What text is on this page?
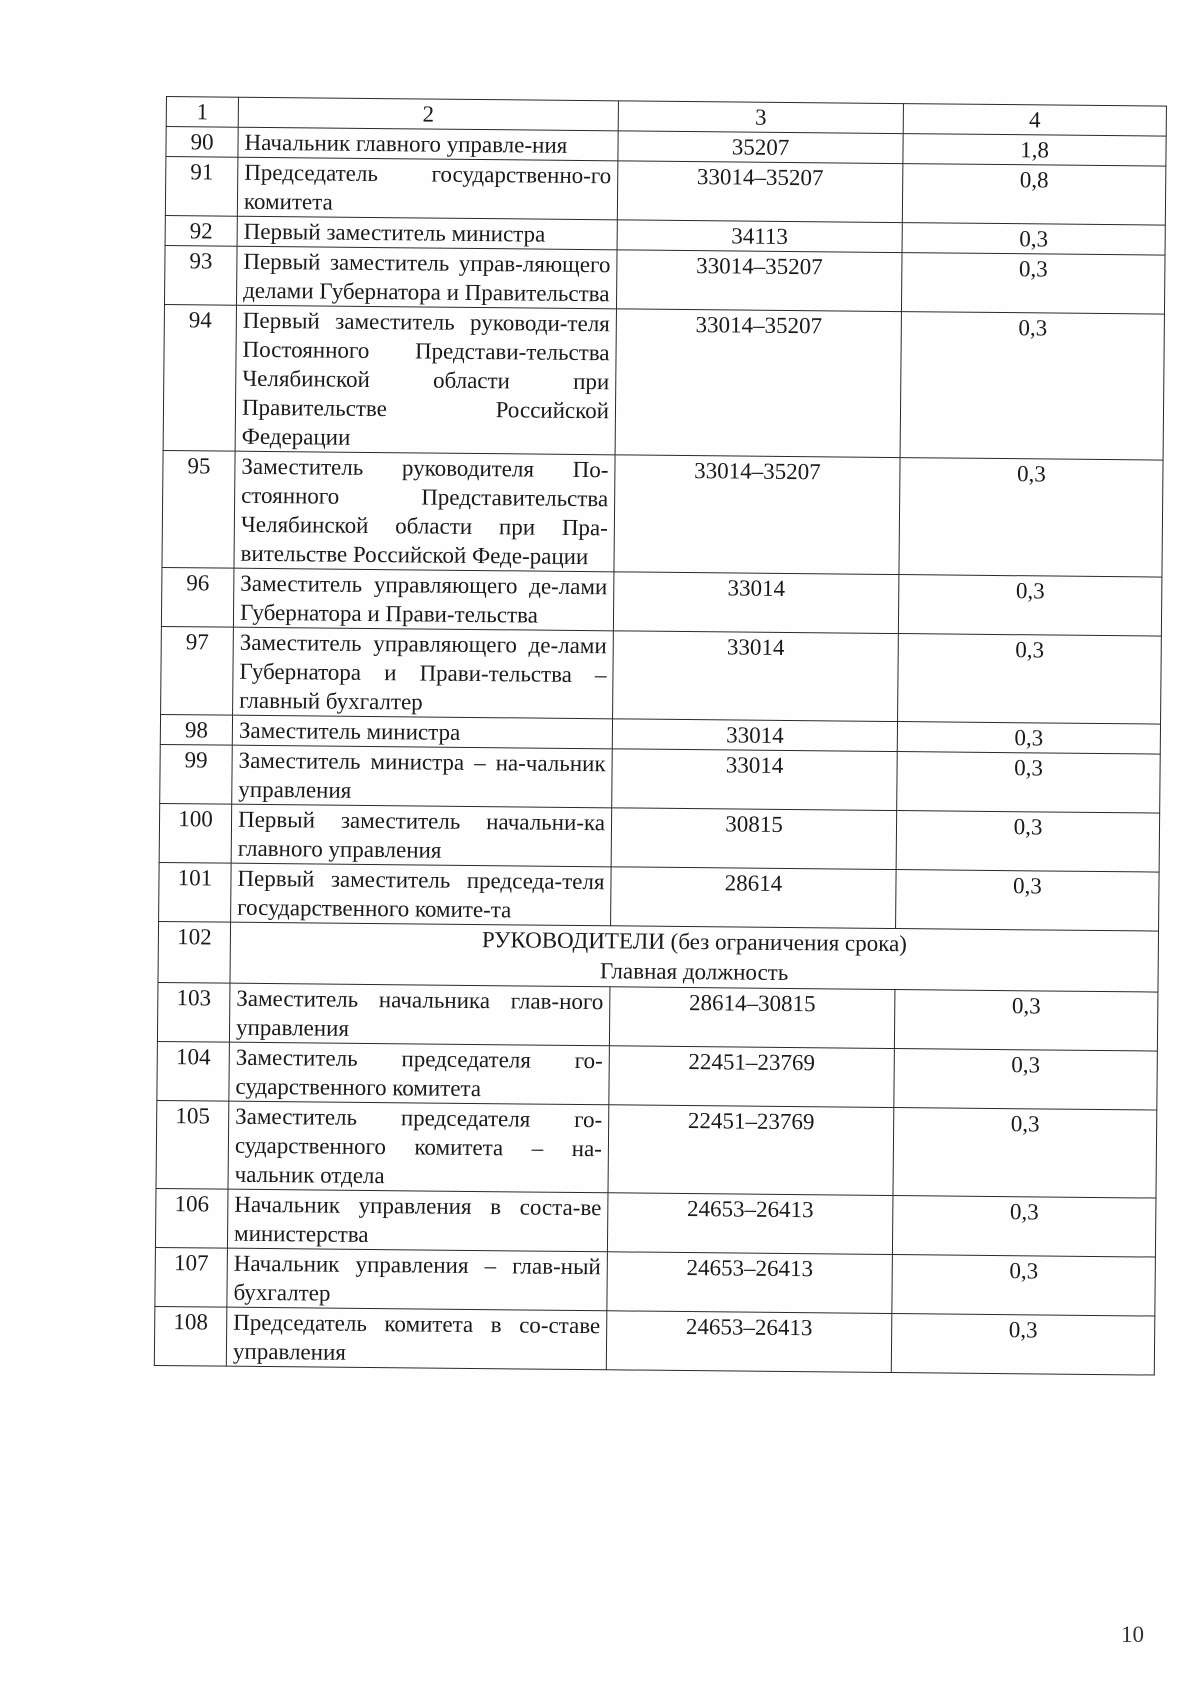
1	2	3	4
90	Начальник главного управле-ния	35207	1,8
91	Председатель государственно-го комитета	33014–35207	0,8
92	Первый заместитель министра	34113	0,3
93	Первый заместитель управ-ляющего делами Губернатора и Правительства	33014–35207	0,3
94	Первый заместитель руководи-теля Постоянного Представи-тельства Челябинской области при Правительстве Российской Федерации	33014–35207	0,3
95	Заместитель руководителя По-стоянного Представительства Челябинской области при Пра-вительстве Российской Феде-рации	33014–35207	0,3
96	Заместитель управляющего де-лами Губернатора и Прави-тельства	33014	0,3
97	Заместитель управляющего де-лами Губернатора и Прави-тельства – главный бухгалтер	33014	0,3
98	Заместитель министра	33014	0,3
99	Заместитель министра – на-чальник управления	33014	0,3
100	Первый заместитель начальни-ка главного управления	30815	0,3
101	Первый заместитель председа-теля государственного комите-та	28614	0,3
102	РУКОВОДИТЕЛИ (без ограничения срока)
Главная должность		

103	Заместитель начальника глав-ного управления	28614–30815	0,3
104	Заместитель председателя го-сударственного комитета	22451–23769	0,3
105	Заместитель председателя го-сударственного комитета – на-чальник отдела	22451–23769	0,3
106	Начальник управления в соста-ве министерства	24653–26413	0,3
107	Начальник управления – глав-ный бухгалтер	24653–26413	0,3
108	Председатель комитета в со-ставе управления	24653–26413	0,3
10
